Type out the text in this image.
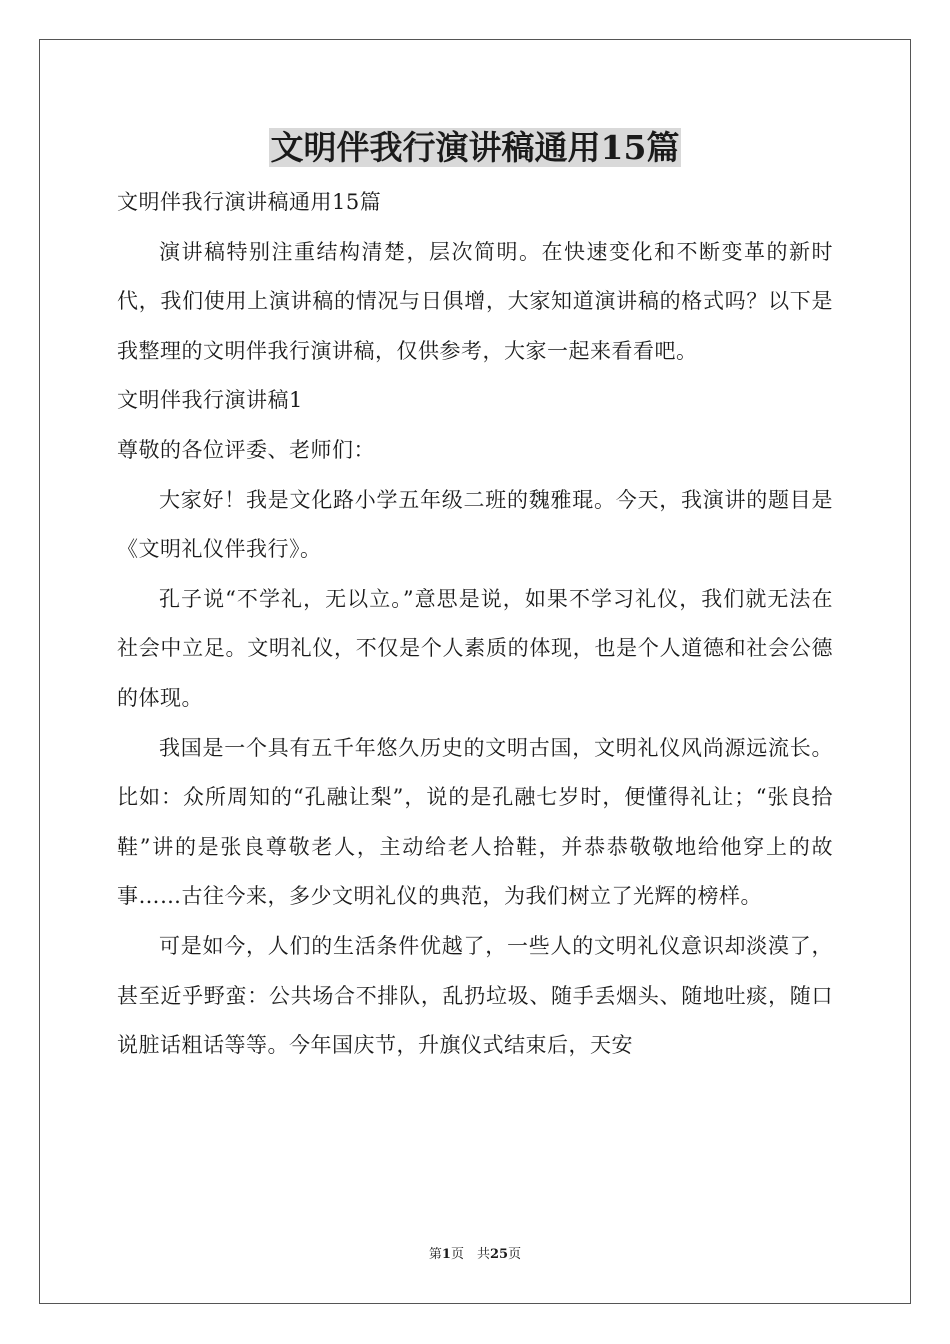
文明伴我行演讲稿通用15篇

文明伴我行演讲稿通用15篇

演讲稿特别注重结构清楚，层次简明。在快速变化和不断变革的新时代，我们使用上演讲稿的情况与日俱增，大家知道演讲稿的格式吗？以下是我整理的文明伴我行演讲稿，仅供参考，大家一起来看看吧。

文明伴我行演讲稿1

尊敬的各位评委、老师们：

大家好！我是文化路小学五年级二班的魏雅琨。今天，我演讲的题目是《文明礼仪伴我行》。

孔子说“不学礼，无以立。”意思是说，如果不学习礼仪，我们就无法在社会中立足。文明礼仪，不仅是个人素质的体现，也是个人道德和社会公德的体现。

我国是一个具有五千年悠久历史的文明古国，文明礼仪风尚源远流长。比如：众所周知的“孔融让梨”，说的是孔融七岁时，便懂得礼让；“张良拾鞋”讲的是张良尊敬老人，主动给老人拾鞋，并恭恭敬敬地给他穿上的故事……古往今来，多少文明礼仪的典范，为我们树立了光辉的榜样。

可是如今，人们的生活条件优越了，一些人的文明礼仪意识却淡漠了，甚至近乎野蛮：公共场合不排队，乱扔垃圾、随手丢烟头、随地吐痰，随口说脏话粗话等等。今年国庆节，升旗仪式结束后，天安

第1页　共25页
